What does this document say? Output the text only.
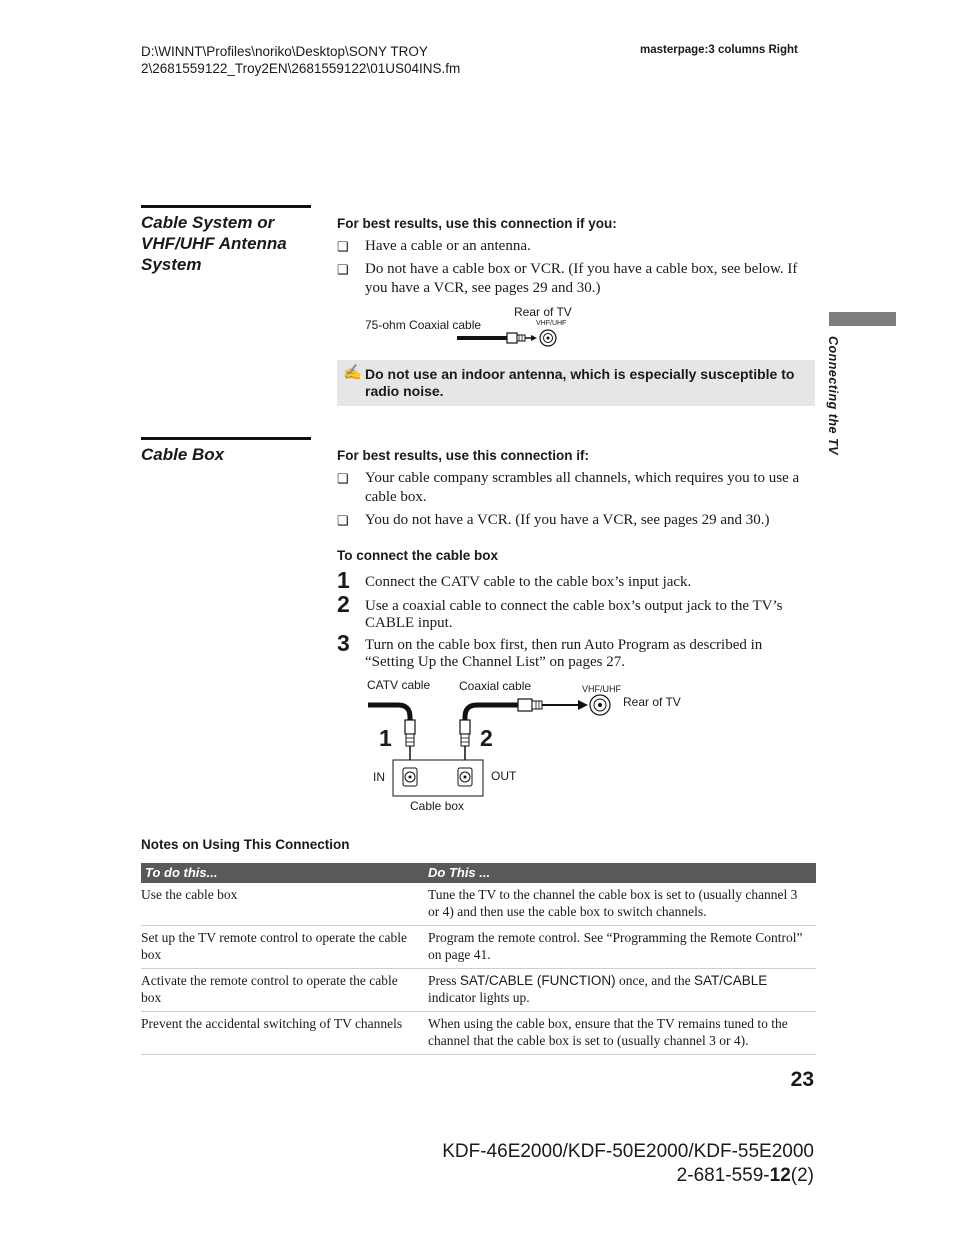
D:\WINNT\Profiles\noriko\Desktop\SONY TROY
2\2681559122_Troy2EN\2681559122\01US04INS.fm
masterpage:3 columns Right
Connecting the TV
Cable System or VHF/UHF Antenna System
For best results, use this connection if you:
❑	Have a cable or an antenna.
❑	Do not have a cable box or VCR. (If you have a cable box, see below. If you have a VCR, see pages 29 and 30.)
Rear of TV
75-ohm Coaxial cable	VHF/UHF
✍ Do not use an indoor antenna, which is especially susceptible to radio noise.
Cable Box	For best results, use this connection if:
❑	Your cable company scrambles all channels, which requires you to use a cable box.
❑	You do not have a VCR. (If you have a VCR, see pages 29 and 30.)
To connect the cable box
1	Connect the CATV cable to the cable box’s input jack.
2	Use a coaxial cable to connect the cable box’s output jack to the TV’s CABLE input.
3	Turn on the cable box first, then run Auto Program as described in “Setting Up the Channel List” on pages 27.
CATV cable Coaxial cable	VHF/UHF
Rear of TV
IN	OUT
Cable box
1	2
Notes on Using This Connection
To do this...	Do This ...
Use the cable box	Tune the TV to the channel the cable box is set to (usually channel 3 or 4) and then use the cable box to switch channels.
Set up the TV remote control to operate the cable box	Program the remote control. See “Programming the Remote Control” on page 41.
Activate the remote control to operate the cable box	Press SAT/CABLE (FUNCTION) once, and the SAT/CABLE indicator lights up.
Prevent the accidental switching of TV channels	When using the cable box, ensure that the TV remains tuned to the channel that the cable box is set to (usually channel 3 or 4).
23
KDF-46E2000/KDF-50E2000/KDF-55E2000
2-681-559-12(2)
